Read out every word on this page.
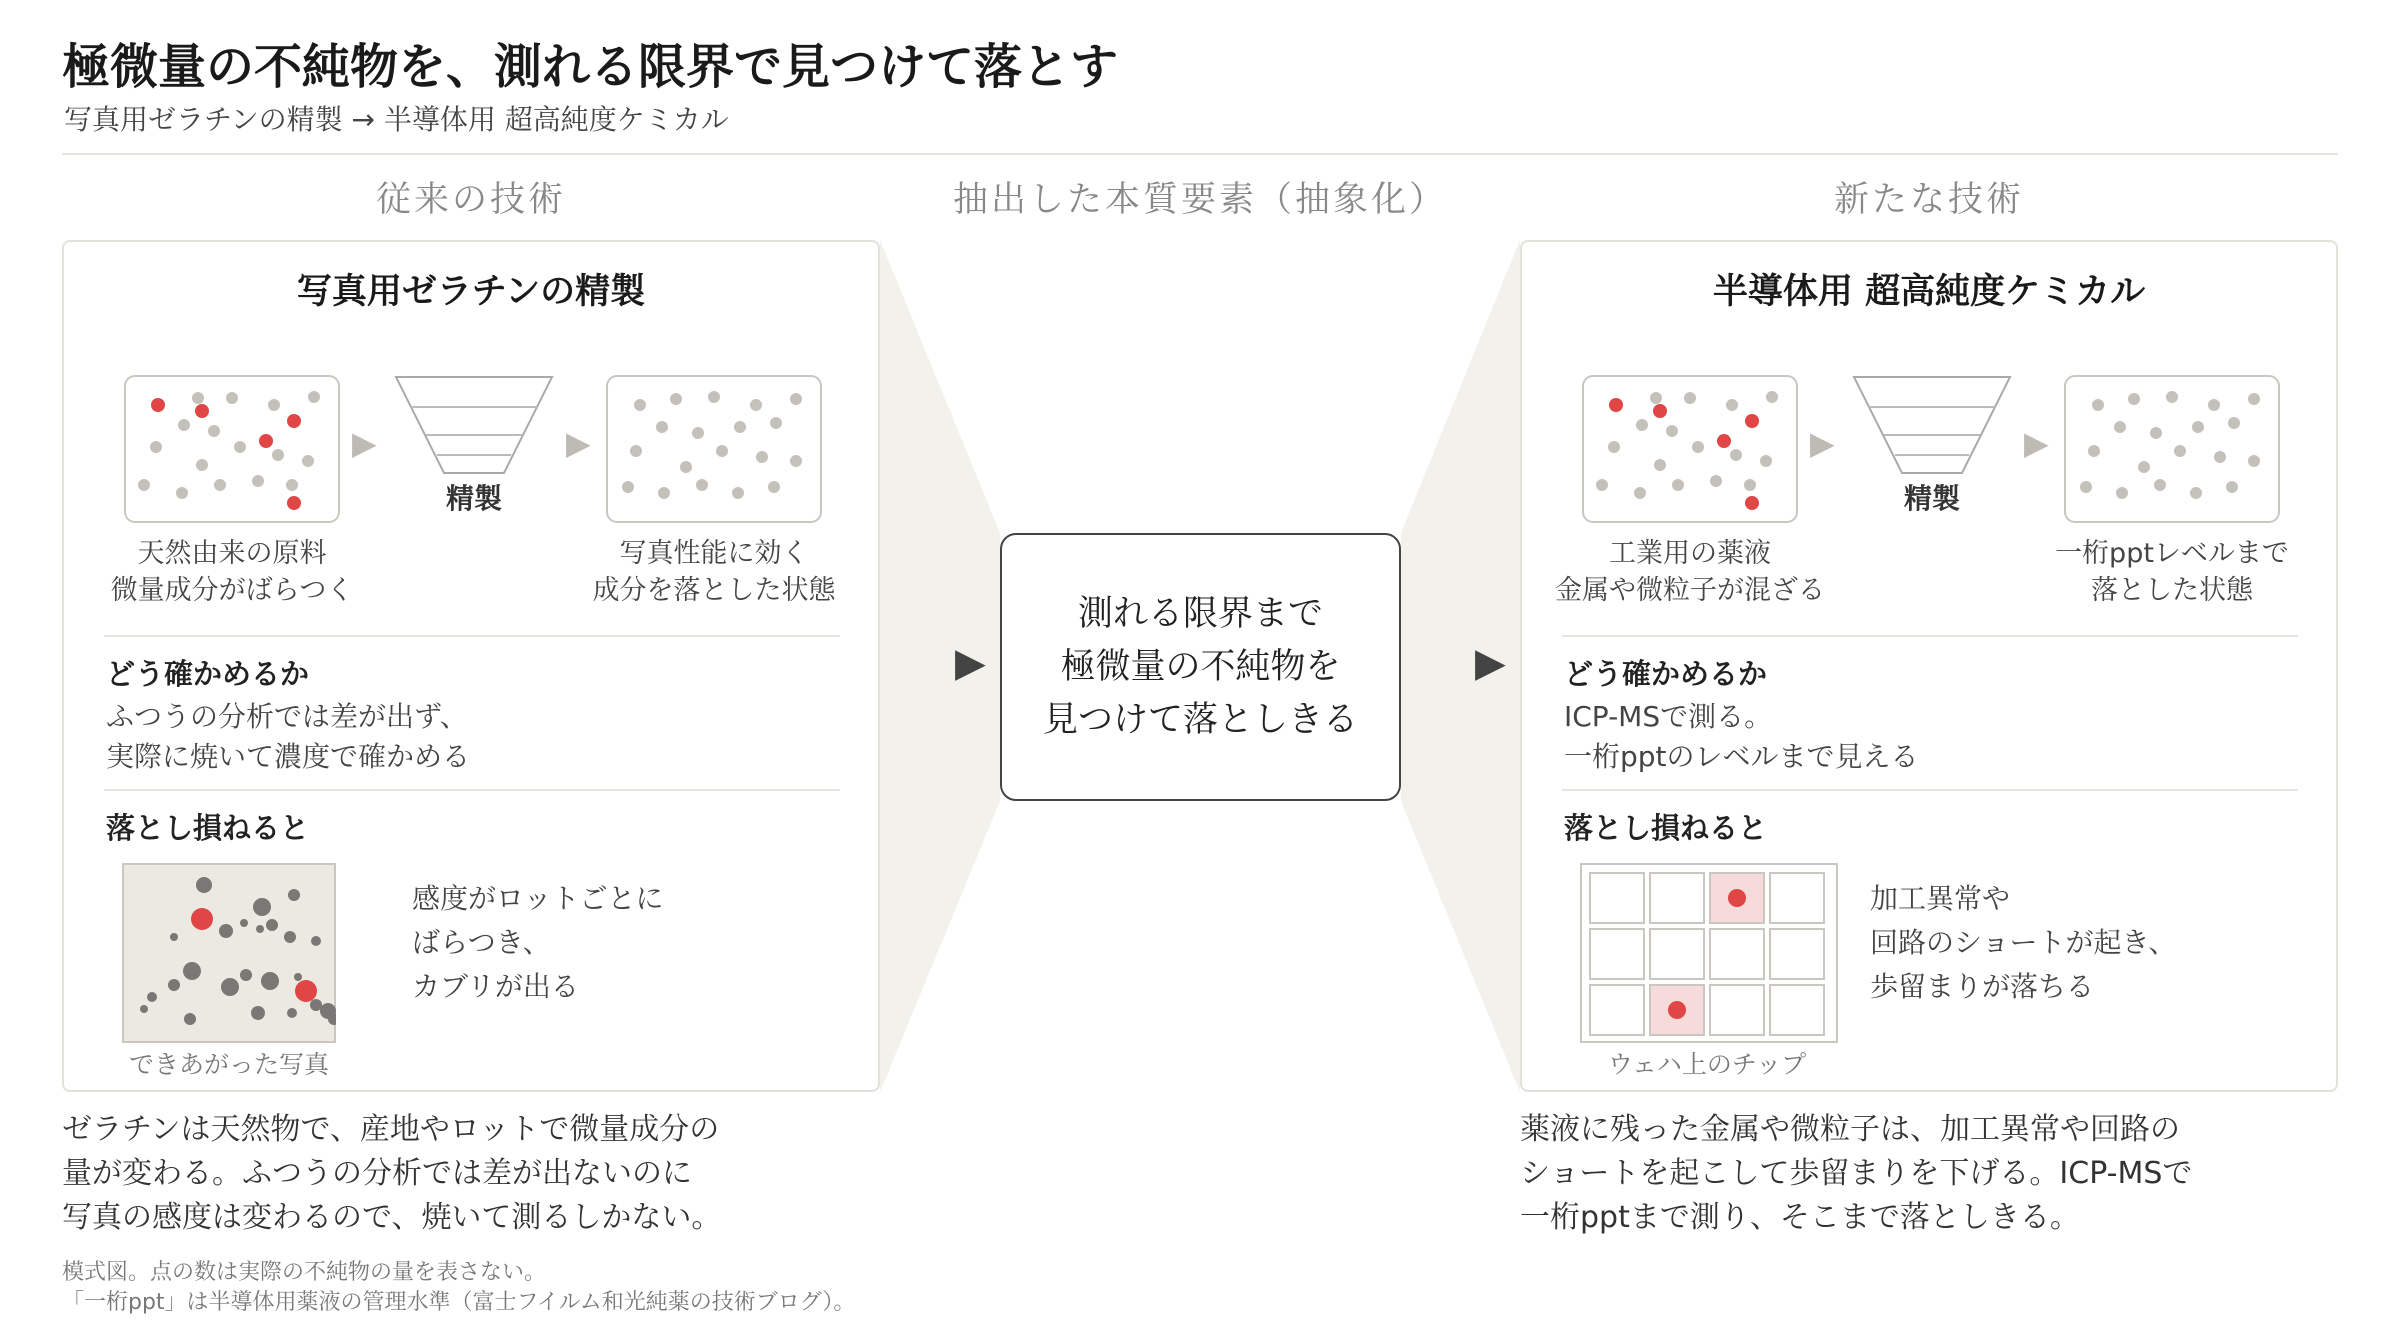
極微量の不純物を、測れる限界で見つけて落とす
写真用ゼラチンの精製 → 半導体用 超高純度ケミカル
従来の技術	抽出した本質要素（抽象化）	新たな技術
写真用ゼラチンの精製
▶
精製
▶
天然由来の原料
微量成分がばらつく
写真性能に効く
成分を落とした状態
どう確かめるか
ふつうの分析では差が出ず、
実際に焼いて濃度で確かめる
落とし損ねると
できあがった写真
感度がロットごとに
ばらつき、
カブリが出る
▶
測れる限界まで
極微量の不純物を
見つけて落としきる
▶
半導体用 超高純度ケミカル
▶
精製
▶
工業用の薬液
金属や微粒子が混ざる
一桁pptレベルまで
落とした状態
どう確かめるか
ICP-MSで測る。
一桁pptのレベルまで見える
落とし損ねると
ウェハ上のチップ
加工異常や
回路のショートが起き、
歩留まりが落ちる
ゼラチンは天然物で、産地やロットで微量成分の
量が変わる。ふつうの分析では差が出ないのに
写真の感度は変わるので、焼いて測るしかない。
薬液に残った金属や微粒子は、加工異常や回路の
ショートを起こして歩留まりを下げる。ICP-MSで
一桁pptまで測り、そこまで落としきる。
模式図。点の数は実際の不純物の量を表さない。
「一桁ppt」は半導体用薬液の管理水準（富士フイルム和光純薬の技術ブログ）。
